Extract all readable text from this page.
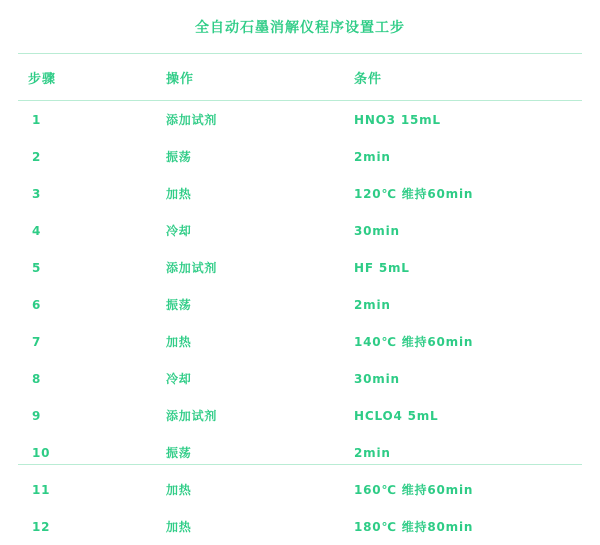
全自动石墨消解仪程序设置工步
步骤	操作	条件
1	添加试剂	HNO3 15mL
2	振荡	2min
3	加热	120℃ 维持60min
4	冷却	30min
5	添加试剂	HF 5mL
6	振荡	2min
7	加热	140℃ 维持60min
8	冷却	30min
9	添加试剂	HCLO4 5mL
10	振荡	2min
11	加热	160℃ 维持60min
12	加热	180℃ 维持80min
